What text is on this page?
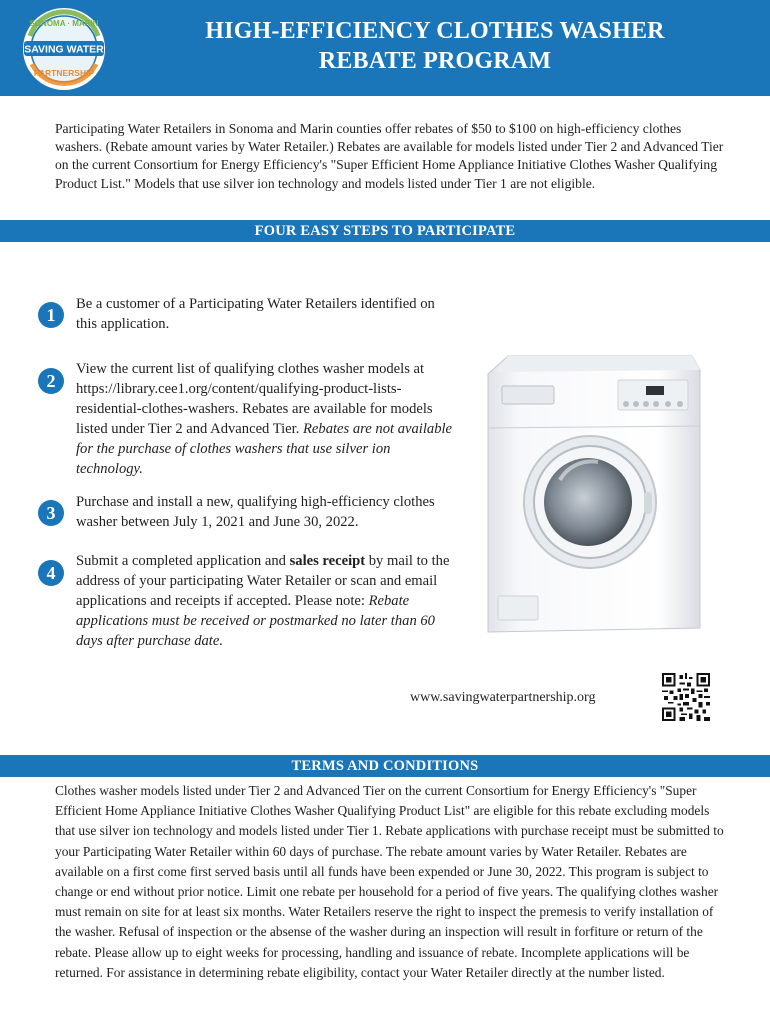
SONOMA · MARIN
SAVING WATER
PARTNERSHIP
HIGH-EFFICIENCY CLOTHES WASHER
REBATE PROGRAM
Participating Water Retailers in Sonoma and Marin counties offer rebates of $50 to $100 on high-efficiency clothes washers. (Rebate amount varies by Water Retailer.) Rebates are available for models listed under Tier 2 and Advanced Tier on the current Consortium for Energy Efficiency's "Super Efficient Home Appliance Initiative Clothes Washer Qualifying Product List." Models that use silver ion technology and models listed under Tier 1 are not eligible.
FOUR EASY STEPS TO PARTICIPATE
1
Be a customer of a Participating Water Retailers identified on this application.
2
View the current list of qualifying clothes washer models at https://library.cee1.org/content/qualifying-product-lists-residential-clothes-washers. Rebates are available for models listed under Tier 2 and Advanced Tier. Rebates are not available for the purchase of clothes washers that use silver ion technology.
3
Purchase and install a new, qualifying high-efficiency clothes washer between July 1, 2021 and June 30, 2022.
4
Submit a completed application and sales receipt by mail to the address of your participating Water Retailer or scan and email applications and receipts if accepted. Please note: Rebate applications must be received or postmarked no later than 60 days after purchase date.
www.savingwaterpartnership.org
TERMS AND CONDITIONS
Clothes washer models listed under Tier 2 and Advanced Tier on the current Consortium for Energy Efficiency's "Super Efficient Home Appliance Initiative Clothes Washer Qualifying Product List" are eligible for this rebate excluding models that use silver ion technology and models listed under Tier 1. Rebate applications with purchase receipt must be submitted to your Participating Water Retailer within 60 days of purchase. The rebate amount varies by Water Retailer. Rebates are available on a first come first served basis until all funds have been expended or June 30, 2022. This program is subject to change or end without prior notice. Limit one rebate per household for a period of five years. The qualifying clothes washer must remain on site for at least six months. Water Retailers reserve the right to inspect the premesis to verify installation of the washer. Refusal of inspection or the absense of the washer during an inspection will result in forfiture or return of the rebate. Please allow up to eight weeks for processing, handling and issuance of rebate. Incomplete applications will be returned. For assistance in determining rebate eligibility, contact your Water Retailer directly at the number listed.
